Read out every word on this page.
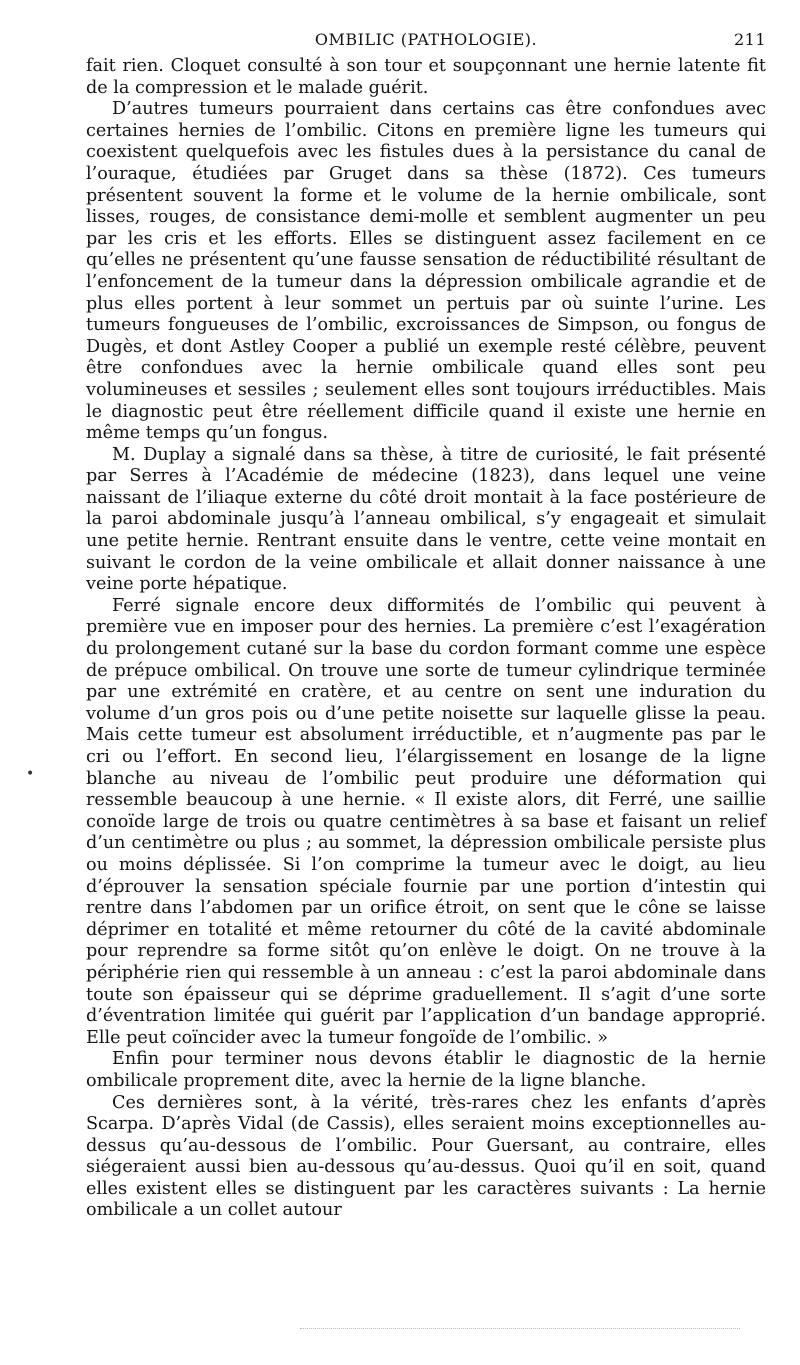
OMBILIC (PATHOLOGIE).	211

fait rien. Cloquet consulté à son tour et soupçonnant une hernie latente fit de la compression et le malade guérit.

D’autres tumeurs pourraient dans certains cas être confondues avec certaines hernies de l’ombilic. Citons en première ligne les tumeurs qui coexistent quelquefois avec les fistules dues à la persistance du canal de l’ouraque, étudiées par Gruget dans sa thèse (1872). Ces tumeurs présentent souvent la forme et le volume de la hernie ombilicale, sont lisses, rouges, de consistance demi-molle et semblent augmenter un peu par les cris et les efforts. Elles se distinguent assez facilement en ce qu’elles ne présentent qu’une fausse sensation de réductibilité résultant de l’enfoncement de la tumeur dans la dépression ombilicale agrandie et de plus elles portent à leur sommet un pertuis par où suinte l’urine. Les tumeurs fongueuses de l’ombilic, excroissances de Simpson, ou fongus de Dugès, et dont Astley Cooper a publié un exemple resté célèbre, peuvent être confondues avec la hernie ombilicale quand elles sont peu volumineuses et sessiles ; seulement elles sont toujours irréductibles. Mais le diagnostic peut être réellement difficile quand il existe une hernie en même temps qu’un fongus.

M. Duplay a signalé dans sa thèse, à titre de curiosité, le fait présenté par Serres à l’Académie de médecine (1823), dans lequel une veine naissant de l’iliaque externe du côté droit montait à la face postérieure de la paroi abdominale jusqu’à l’anneau ombilical, s’y engageait et simulait une petite hernie. Rentrant ensuite dans le ventre, cette veine montait en suivant le cordon de la veine ombilicale et allait donner naissance à une veine porte hépatique.

Ferré signale encore deux difformités de l’ombilic qui peuvent à première vue en imposer pour des hernies. La première c’est l’exagération du prolongement cutané sur la base du cordon formant comme une espèce de prépuce ombilical. On trouve une sorte de tumeur cylindrique terminée par une extrémité en cratère, et au centre on sent une induration du volume d’un gros pois ou d’une petite noisette sur laquelle glisse la peau. Mais cette tumeur est absolument irréductible, et n’augmente pas par le cri ou l’effort. En second lieu, l’élargissement en losange de la ligne blanche au niveau de l’ombilic peut produire une déformation qui ressemble beaucoup à une hernie. « Il existe alors, dit Ferré, une saillie conoïde large de trois ou quatre centimètres à sa base et faisant un relief d’un centimètre ou plus ; au sommet, la dépression ombilicale persiste plus ou moins déplissée. Si l’on comprime la tumeur avec le doigt, au lieu d’éprouver la sensation spéciale fournie par une portion d’intestin qui rentre dans l’abdomen par un orifice étroit, on sent que le cône se laisse déprimer en totalité et même retourner du côté de la cavité abdominale pour reprendre sa forme sitôt qu’on enlève le doigt. On ne trouve à la périphérie rien qui ressemble à un anneau : c’est la paroi abdominale dans toute son épaisseur qui se déprime graduellement. Il s’agit d’une sorte d’éventration limitée qui guérit par l’application d’un bandage approprié. Elle peut coïncider avec la tumeur fongoïde de l’ombilic. »

Enfin pour terminer nous devons établir le diagnostic de la hernie ombilicale proprement dite, avec la hernie de la ligne blanche.

Ces dernières sont, à la vérité, très-rares chez les enfants d’après Scarpa. D’après Vidal (de Cassis), elles seraient moins exceptionnelles au-dessus qu’au-dessous de l’ombilic. Pour Guersant, au contraire, elles siégeraient aussi bien au-dessous qu’au-dessus. Quoi qu’il en soit, quand elles existent elles se distinguent par les caractères suivants : La hernie ombilicale a un collet autour

•
